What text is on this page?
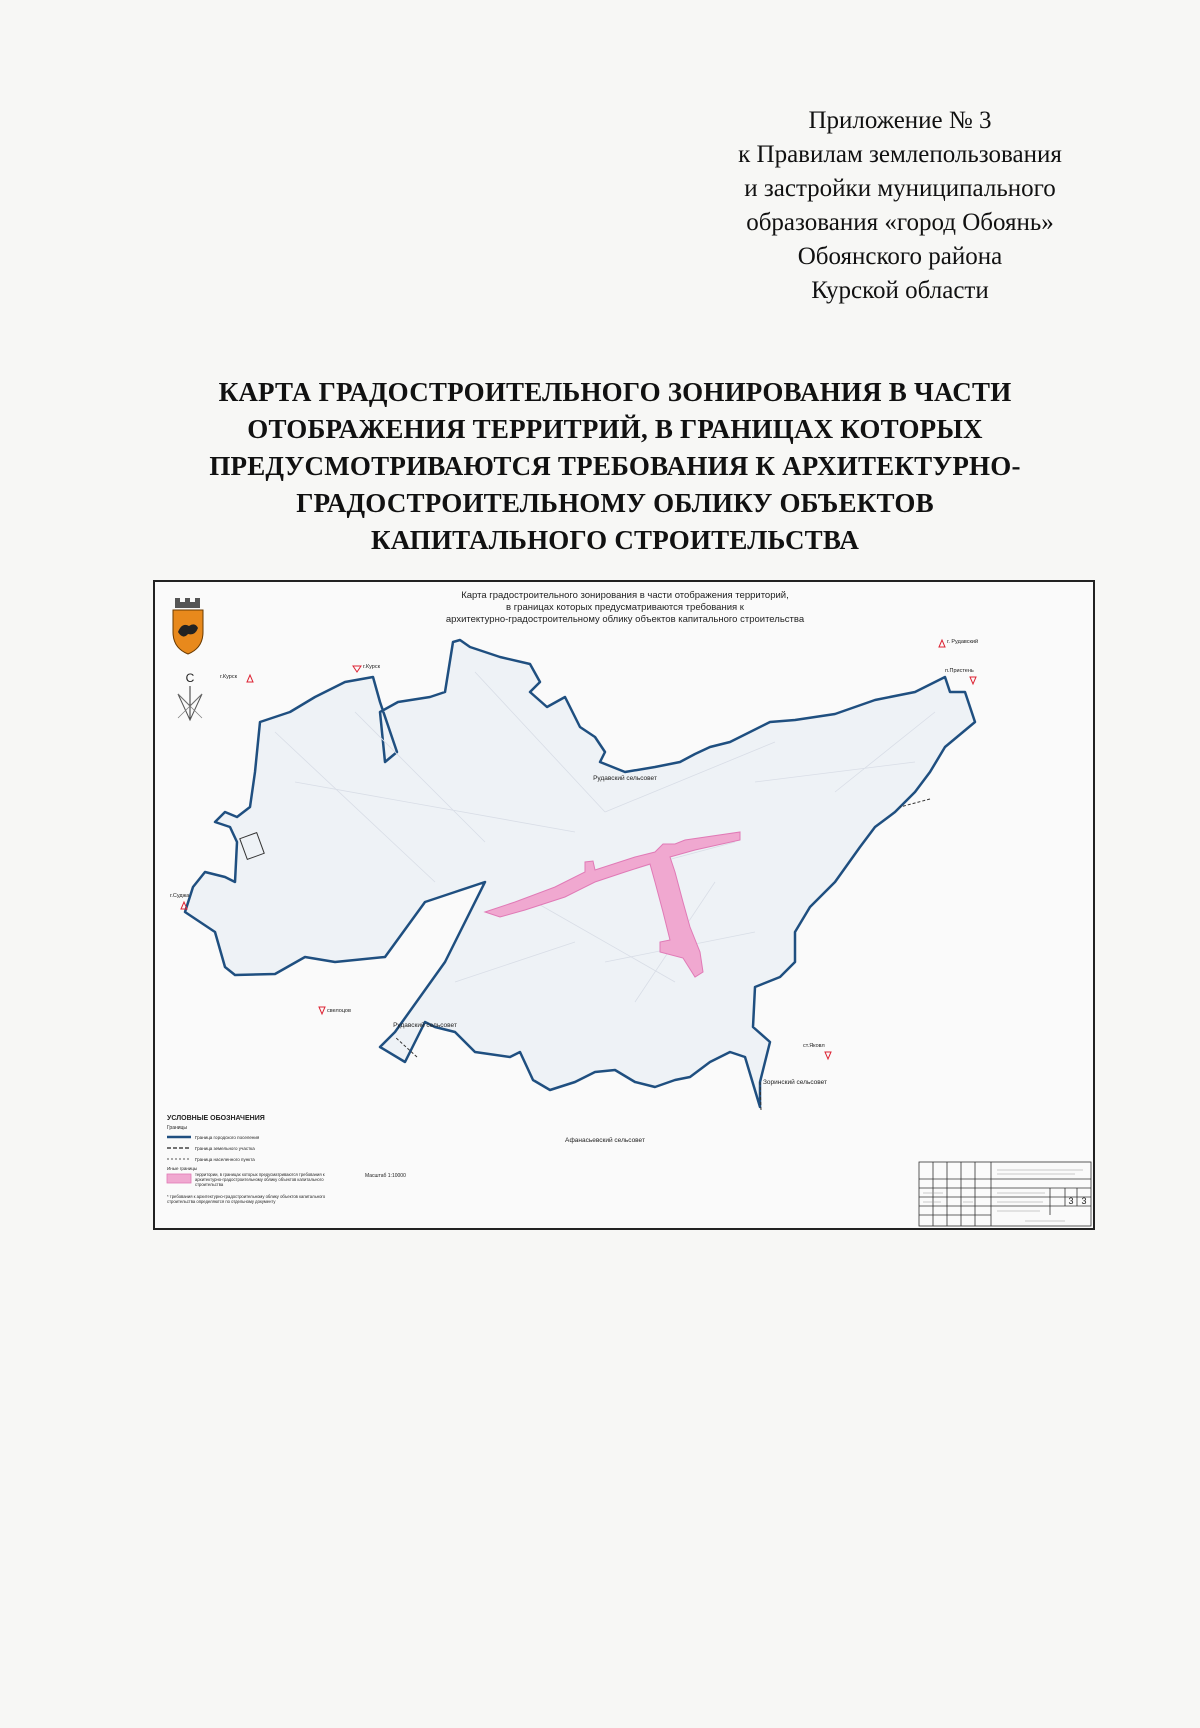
Приложение № 3
к Правилам землепользования
и застройки муниципального
образования «город Обоянь»
Обоянского района
Курской области
КАРТА ГРАДОСТРОИТЕЛЬНОГО ЗОНИРОВАНИЯ В ЧАСТИ
ОТОБРАЖЕНИЯ ТЕРРИТРИЙ, В ГРАНИЦАХ КОТОРЫХ
ПРЕДУСМОТРИВАЮТСЯ ТРЕБОВАНИЯ К АРХИТЕКТУРНО-
ГРАДОСТРОИТЕЛЬНОМУ ОБЛИКУ ОБЪЕКТОВ
КАПИТАЛЬНОГО СТРОИТЕЛЬСТВА
Карта градостроительного зонирования в части отображения территорий,
в границах которых предусматриваются требования к
архитектурно-градостроительному облику объектов капитального строительства
С
г.Курск
г.Курск
г. Рудавский
п.Пристень
г.Суджа
свелоцов
ст.Яковл
Рудавский сельсовет
Рудавский сельсовет
Зоринский сельсовет
Афанасьевский сельсовет
Масштаб 1:10000
УСЛОВНЫЕ ОБОЗНАЧЕНИЯ
Границы
Граница городского поселения
Граница земельного участка
Граница населенного пункта
Иные границы
территории, в границах которых предусматриваются требования к архитектурно-градостроительному облику объектов капитального строительства
* требования к архитектурно-градостроительному облику объектов капитального строительства определяются по отдельному документу	3 3
